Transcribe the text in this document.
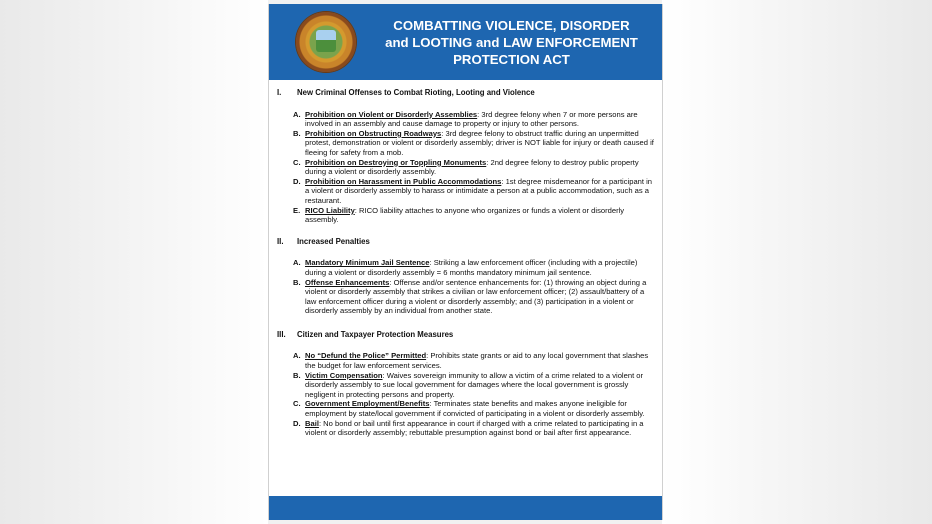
COMBATTING VIOLENCE, DISORDER
and LOOTING and LAW ENFORCEMENT
PROTECTION ACT
I.	New Criminal Offenses to Combat Rioting, Looting and Violence
A. Prohibition on Violent or Disorderly Assemblies: 3rd degree felony when 7 or more persons are involved in an assembly and cause damage to property or injury to other persons.
B. Prohibition on Obstructing Roadways: 3rd degree felony to obstruct traffic during an unpermitted protest, demonstration or violent or disorderly assembly; driver is NOT liable for injury or death caused if fleeing for safety from a mob.
C. Prohibition on Destroying or Toppling Monuments: 2nd degree felony to destroy public property during a violent or disorderly assembly.
D. Prohibition on Harassment in Public Accommodations: 1st degree misdemeanor for a participant in a violent or disorderly assembly to harass or intimidate a person at a public accommodation, such as a restaurant.
E. RICO Liability: RICO liability attaches to anyone who organizes or funds a violent or disorderly assembly.
II.	Increased Penalties
A. Mandatory Minimum Jail Sentence: Striking a law enforcement officer (including with a projectile) during a violent or disorderly assembly = 6 months mandatory minimum jail sentence.
B. Offense Enhancements: Offense and/or sentence enhancements for: (1) throwing an object during a violent or disorderly assembly that strikes a civilian or law enforcement officer; (2) assault/battery of a law enforcement officer during a violent or disorderly assembly; and (3) participation in a violent or disorderly assembly by an individual from another state.
III.	Citizen and Taxpayer Protection Measures
A. No “Defund the Police” Permitted: Prohibits state grants or aid to any local government that slashes the budget for law enforcement services.
B. Victim Compensation: Waives sovereign immunity to allow a victim of a crime related to a violent or disorderly assembly to sue local government for damages where the local government is grossly negligent in protecting persons and property.
C. Government Employment/Benefits: Terminates state benefits and makes anyone ineligible for employment by state/local government if convicted of participating in a violent or disorderly assembly.
D. Bail: No bond or bail until first appearance in court if charged with a crime related to participating in a violent or disorderly assembly; rebuttable presumption against bond or bail after first appearance.
